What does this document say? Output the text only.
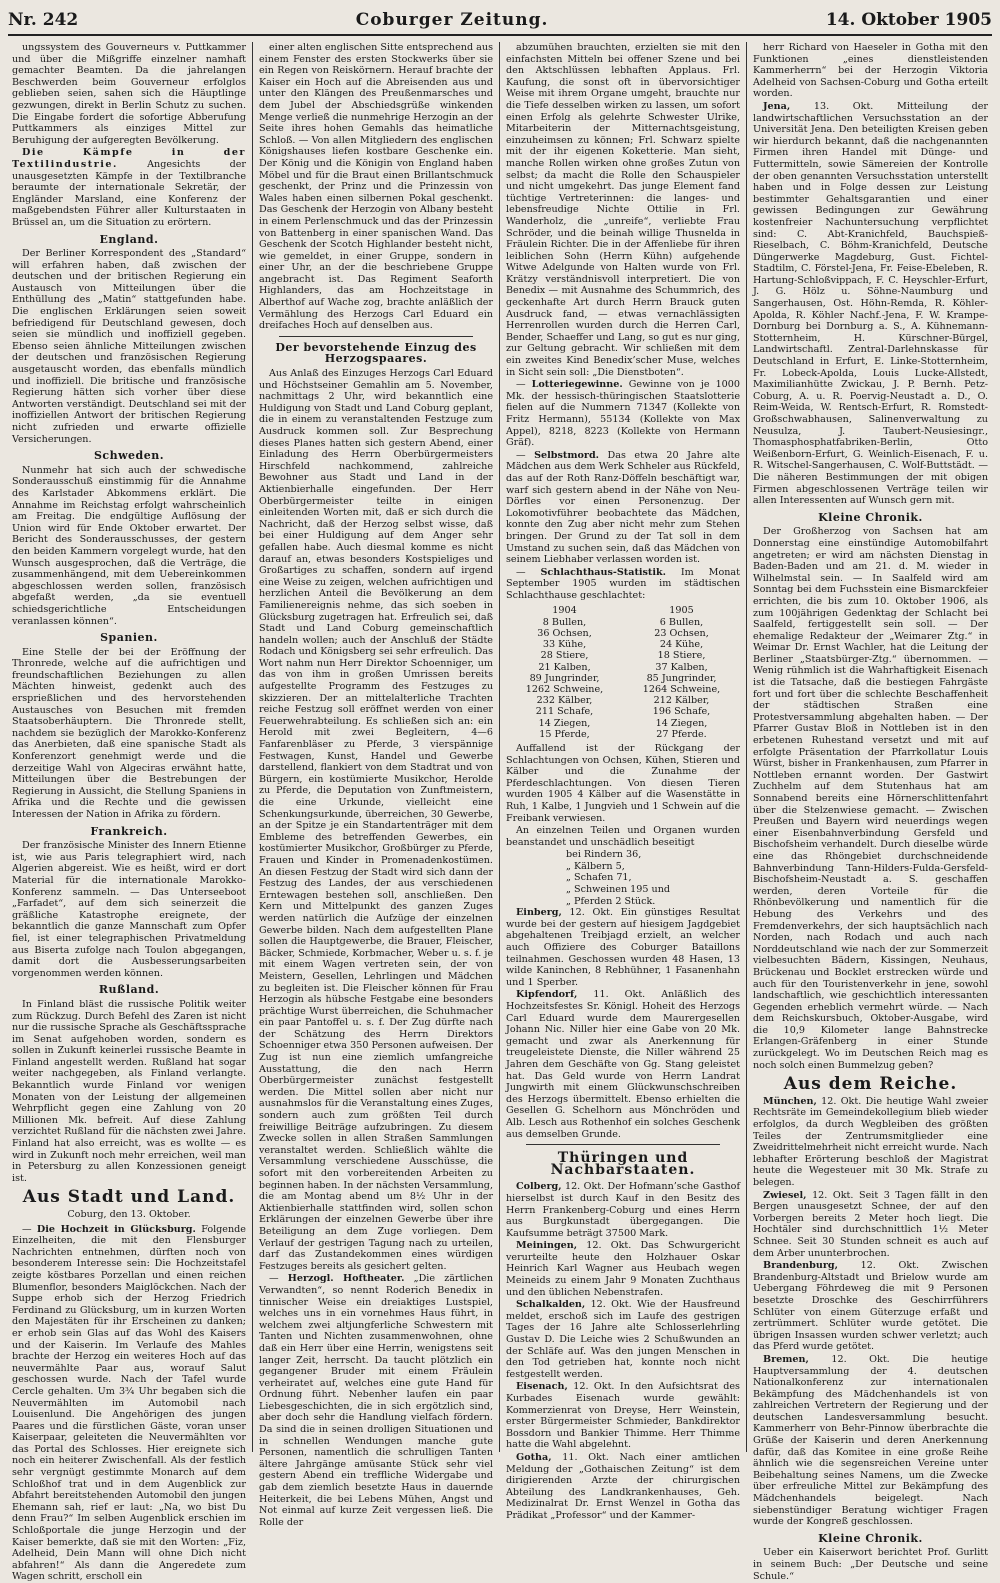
Nr. 242	Coburger Zeitung.	14. Oktober 1905

ungssystem des Gouverneurs v. Puttkammer und über die Mißgriffe einzelner namhaft gemachter Beamten. Da die jahrelangen Beschwerden beim Gouverneur erfolglos geblieben seien, sahen sich die Häuptlinge gezwungen, direkt in Berlin Schutz zu suchen. Die Eingabe fordert die sofortige Abberufung Puttkammers als einziges Mittel zur Beruhigung der aufgeregten Bevölkerung.

Die Kämpfe in der Textilindustrie.	Angesichts der unausgesetzten Kämpfe in der Textilbranche beraumte der internationale Sekretär, der Engländer Marsland, eine Konferenz der maßgebendsten Führer aller Kulturstaaten in Brüssel an, um die Situation zu erörtern.

England.

Der Berliner Korrespondent des „Standard“ will erfahren haben, daß zwischen der deutschen und der britischen Regierung ein Austausch von Mitteilungen über die Enthüllung des „Matin“ stattgefunden habe. Die englischen Erklärungen seien soweit befriedigend für Deutschland gewesen, doch seien sie mündlich und inoffiziell gegeben. Ebenso seien ähnliche Mitteilungen zwischen der deutschen und französischen Regierung ausgetauscht worden, das ebenfalls mündlich und inoffiziell. Die britische und französische Regierung hätten sich vorher über diese Antworten verständigt. Deutschland sei mit der inoffiziellen Antwort der britischen Regierung nicht zufrieden und erwarte offizielle Versicherungen.

Schweden.

Nunmehr hat sich auch der schwedische Sonderausschuß einstimmig für die Annahme des Karlstader Abkommens erklärt. Die Annahme im Reichstag erfolgt wahrscheinlich am Freitag. Die endgültige Auflösung der Union wird für Ende Oktober erwartet. Der Bericht des Sonderausschusses, der gestern den beiden Kammern vorgelegt wurde, hat den Wunsch ausgesprochen, daß die Verträge, die zusammenhängend, mit dem Uebereinkommen abgeschlossen werden sollen, französisch abgefaßt werden, „da sie eventuell schiedsgerichtliche Entscheidungen veranlassen können“.

Spanien.

Eine Stelle der bei der Eröffnung der Thronrede, welche auf die aufrichtigen und freundschaftlichen Beziehungen zu allen Mächten hinweist, gedenkt auch des ersprießlichen und des hervorstehenden Austausches von Besuchen mit fremden Staatsoberhäuptern. Die Thronrede stellt, nachdem sie bezüglich der Marokko-Konferenz das Anerbieten, daß eine spanische Stadt als Konferenzort genehmigt werde und die derzeitige Wahl von Algeciras erwähnt hatte, Mitteilungen über die Bestrebungen der Regierung in Aussicht, die Stellung Spaniens in Afrika und die Rechte und die gewissen Interessen der Nation in Afrika zu fördern.

Frankreich.

Der französische Minister des Innern Etienne ist, wie aus Paris telegraphiert wird, nach Algerien abgereist. Wie es heißt, wird er dort Material für die internationale Marokko-Konferenz sammeln. — Das Unterseeboot „Farfadet“, auf dem sich seinerzeit die gräßliche Katastrophe ereignete, der bekanntlich die ganze Mannschaft zum Opfer fiel, ist einer telegraphischen Privatmeldung aus Biserta zufolge nach Toulon abgegangen, damit dort die Ausbesserungsarbeiten vorgenommen werden können.

Rußland.

In Finland bläst die russische Politik weiter zum Rückzug. Durch Befehl des Zaren ist nicht nur die russische Sprache als Geschäftssprache im Senat aufgehoben worden, sondern es sollen in Zukunft keinerlei russische Beamte in Finland angestellt werden. Rußland hat sogar weiter nachgegeben, als Finland verlangte. Bekanntlich wurde Finland vor wenigen Monaten von der Leistung der allgemeinen Wehrpflicht gegen eine Zahlung von 20 Millionen Mk. befreit. Auf diese Zahlung verzichtet Rußland für die nächsten zwei Jahre. Finland hat also erreicht, was es wollte — es wird in Zukunft noch mehr erreichen, weil man in Petersburg zu allen Konzessionen geneigt ist.

Aus Stadt und Land.
Coburg, den 13. Oktober.

— Die Hochzeit in Glücksburg. Folgende Einzelheiten, die mit den Flensburger Nachrichten entnehmen, dürften noch von besonderem Interesse sein: Die Hochzeitstafel zeigte köstbares Porzellan und einen reichen Blumenflor, besonders Maiglöckchen. Nach der Suppe erhob sich der Herzog Friedrich Ferdinand zu Glücksburg, um in kurzen Worten den Majestäten für ihr Erscheinen zu danken; er erhob sein Glas auf das Wohl des Kaisers und der Kaiserin. Im Verlaufe des Mahles brachte der Herzog ein weiteres Hoch auf das neuvermählte Paar aus, worauf Salut geschossen wurde. Nach der Tafel wurde Cercle gehalten. Um 3¾ Uhr begaben sich die Neuvermählten im Automobil nach Louisenlund. Die Angehörigen des jungen Paares und die fürstlichen Gäste, voran unser Kaiserpaar, geleiteten die Neuvermählten vor das Portal des Schlosses. Hier ereignete sich noch ein heiterer Zwischenfall. Als der festlich sehr vergnügt gestimmte Monarch auf dem Schloßhof trat und in dem Augenblick zur Abfahrt bereitstehenden Automobil den jungen Ehemann sah, rief er laut: „Na, wo bist Du denn Frau?“ Im selben Augenblick erschien im Schloßportale die junge Herzogin und der Kaiser bemerkte, daß sie mit den Worten: „Fiz, Adelheid, Dein Mann will ohne Dich nicht abfahren!“ Als dann die Angeredete zum Wagen schritt, erscholl ein

einer alten englischen Sitte entsprechend aus einem Fenster des ersten Stockwerks über sie ein Regen von Reiskörnern. Herauf brachte der Kaiser ein Hoch auf die Abreisenden aus und unter den Klängen des Preußenmarsches und dem Jubel der Abschiedsgrüße winkenden Menge verließ die nunmehrige Herzogin an der Seite ihres hohen Gemahls das heimatliche Schloß. — Von allen Mitgliedern des englischen Königshauses liefen kostbare Geschenke ein. Der König und die Königin von England haben Möbel und für die Braut einen Brillantschmuck geschenkt, der Prinz und die Prinzessin von Wales haben einen silbernen Pokal geschenkt. Das Geschenk der Herzogin von Albany besteht in einem Perlenschmuck und das der Prinzessin von Battenberg in einer spanischen Wand. Das Geschenk der Scotch Highlander besteht nicht, wie gemeldet, in einer Gruppe, sondern in einer Uhr, an der die beschriebene Gruppe angebracht ist. Das Regiment Seaforth Highlanders, das am Hochzeitstage in Alberthof auf Wache zog, brachte anläßlich der Vermählung des Herzogs Carl Eduard ein dreifaches Hoch auf denselben aus.

Der bevorstehende Einzug des Herzogspaares.

Aus Anlaß des Einzuges Herzogs Carl Eduard und Höchstseiner Gemahlin am 5. November, nachmittags 2 Uhr, wird bekanntlich eine Huldigung von Stadt und Land Coburg geplant, die in einem zu veranstaltenden Festzuge zum Ausdruck kommen soll. Zur Besprechung dieses Planes hatten sich gestern Abend, einer Einladung des Herrn Oberbürgermeisters Hirschfeld nachkommend, zahlreiche Bewohner aus Stadt und Land in der Aktienbierhalle eingefunden. Der Herr Oberbürgermeister teilte in einigen einleitenden Worten mit, daß er sich durch die Nachricht, daß der Herzog selbst wisse, daß bei einer Huldigung auf dem Anger sehr gefallen habe. Auch diesmal komme es nicht darauf an, etwas besonders Kostspieliges und Großartiges zu schaffen, sondern auf irgend eine Weise zu zeigen, welchen aufrichtigen und herzlichen Anteil die Bevölkerung an dem Familienereignis nehme, das sich soeben in Glücksburg zugetragen hat. Erfreulich sei, daß Stadt und Land Coburg gemeinschaftlich handeln wollen; auch der Anschluß der Städte Rodach und Königsberg sei sehr erfreulich. Das Wort nahm nun Herr Direktor Schoenniger, um das von ihm in großen Umrissen bereits aufgestellte Programm des Festzuges zu skizzieren. Der an mittelalterliche Trachten reiche Festzug soll eröffnet werden von einer Feuerwehrabteilung. Es schließen sich an: ein Herold mit zwei Begleitern, 4—6 Fanfarenbläser zu Pferde, 3 vierspännige Festwagen, Kunst, Handel und Gewerbe darstellend, flankiert von dem Stadtrat und von Bürgern, ein kostümierte Musikchor, Herolde zu Pferde, die Deputation von Zunftmeistern, die eine Urkunde, vielleicht eine Schenkungsurkunde, überreichen, 30 Gewerbe, an der Spitze je ein Standartenträger mit dem Embleme des betreffenden Gewerbes, ein kostümierter Musikchor, Großbürger zu Pferde, Frauen und Kinder in Promenadenkostümen. An diesen Festzug der Stadt wird sich dann der Festzug des Landes, der aus verschiedenen Erntewagen bestehen soll, anschließen. Den Kern und Mittelpunkt des ganzen Zuges werden natürlich die Aufzüge der einzelnen Gewerbe bilden. Nach dem aufgestellten Plane sollen die Hauptgewerbe, die Brauer, Fleischer, Bäcker, Schmiede, Korbmacher, Weber u. s. f. je mit einem Wagen vertreten sein, der von Meistern, Gesellen, Lehrlingen und Mädchen zu begleiten ist. Die Fleischer können für Frau Herzogin als hübsche Festgabe eine besonders prächtige Wurst überreichen, die Schuhmacher ein paar Pantoffel u. s. f. Der Zug dürfte nach der Schätzung des Herrn Direktors Schoenniger etwa 350 Personen aufweisen. Der Zug ist nun eine ziemlich umfangreiche Ausstattung, die den nach Herrn Oberbürgermeister zunächst festgestellt werden. Die Mittel sollen aber nicht nur ausnahmslos für die Veranstaltung eines Zuges, sondern auch zum größten Teil durch freiwillige Beiträge aufzubringen. Zu diesem Zwecke sollen in allen Straßen Sammlungen veranstaltet werden. Schließlich wählte die Versammlung verschiedene Ausschüsse, die sofort mit den vorbereitenden Arbeiten zu beginnen haben. In der nächsten Versammlung, die am Montag abend um 8½ Uhr in der Aktienbierhalle stattfinden wird, sollen schon Erklärungen der einzelnen Gewerbe über ihre Beteiligung an dem Zuge vorliegen. Dem Verlauf der gestrigen Tagung nach zu urteilen, darf das Zustandekommen eines würdigen Festzuges bereits als gesichert gelten.

— Herzogl. Hoftheater. „Die zärtlichen Verwandten“, so nennt Roderich Benedix in tinnischer Weise ein dreiaktiges Lustspiel, welches uns in ein vornehmes Haus führt, in welchem zwei altjungferliche Schwestern mit Tanten und Nichten zusammenwohnen, ohne daß ein Herr über eine Herrin, wenigstens seit langer Zeit, herrscht. Da taucht plötzlich ein gegangener Bruder mit einem Fräulein verheiratet auf, welches eine gute Hand für Ordnung führt. Nebenher laufen ein paar Liebesgeschichten, die in sich ergötzlich sind, aber doch sehr die Handlung vielfach fördern. Da sind die in seinen drolligen Situationen und in schnellen Wendungen manche gute Personen, namentlich die schrulligen Tanten ältere Jahrgänge amüsante Stück sehr viel gestern Abend ein treffliche Widergabe und gab dem ziemlich besetzte Haus in dauernde Heiterkeit, die bei Lebens Mühen, Angst und Not einmal auf kurze Zeit vergessen ließ. Die Rolle der

abzumühen brauchten, erzielten sie mit den einfachsten Mitteln bei offener Szene und bei den Aktschlüssen lebhaften Applaus. Frl. Kaufung, die sonst oft in übervorsichtiger Weise mit ihrem Organe umgeht, brauchte nur die Tiefe desselben wirken zu lassen, um sofort einen Erfolg als gelehrte Schwester Ulrike, Mitarbeiterin der Mitternachtsgeistung, einzuheimsen zu können; Frl. Schwarz spielte mit der ihr eigenen Koketterie. Man sieht, manche Rollen wirken ohne großes Zutun von selbst; da macht die Rolle den Schauspieler und nicht umgekehrt. Das junge Element fand tüchtige Vertreterinnen: die langes- und lebensfreudige Nichte Ottilie in Frl. Wanderholz, die „unreife“, verliebte Frau Schröder, und die beinah willige Thusnelda in Fräulein Richter. Die in der Affenliebe für ihren leiblichen Sohn (Herrn Kühn) aufgehende Witwe Adelgunde von Halten wurde von Frl. Krätzy verständnisvoll interpretiert. Die von Benedix — mit Ausnahme des Schummrich, des geckenhafte Art durch Herrn Brauck guten Ausdruck fand, — etwas vernachlässigten Herrenrollen wurden durch die Herren Carl, Bender, Schaeffer und Lang, so gut es nur ging, zur Geltung gebracht. Wir schließen mit dem ein zweites Kind Benedix’scher Muse, welches in Sicht sein soll: „Die Dienstboten“.

— Lotteriegewinne. Gewinne von je 1000 Mk. der hessisch-thüringischen Staatslotterie fielen auf die Nummern 71347 (Kollekte von Fritz Hermann), 55134 (Kollekte von Max Appel), 8218, 8223 (Kollekte von Hermann Gräf).

— Selbstmord. Das etwa 20 Jahre alte Mädchen aus dem Werk Schheler aus Rückfeld, das auf der Roth Ranz-Döffeln beschäftigt war, warf sich gestern abend in der Nähe von Neu-Dörfles vor einen Personenzug. Der Lokomotivführer beobachtete das Mädchen, konnte den Zug aber nicht mehr zum Stehen bringen. Der Grund zu der Tat soll in dem Umstand zu suchen sein, daß das Mädchen von seinem Liebhaber verlassen worden ist.

— Schlachthaus-Statistik. Im Monat September 1905 wurden im städtischen Schlachthause geschlachtet:

1904	1905
8 Bullen,	6 Bullen,
36 Ochsen,	23 Ochsen,
33 Kühe,	24 Kühe,
28 Stiere,	18 Stiere,
21 Kalben,	37 Kalben,
89 Jungrinder,	85 Jungrinder,
1262 Schweine,	1264 Schweine,
232 Kälber,	212 Kälber,
211 Schafe,	196 Schafe,
14 Ziegen,	14 Ziegen,
15 Pferde,	27 Pferde.

Auffallend ist der Rückgang der Schlachtungen von Ochsen, Kühen, Stieren und Kälber und die Zunahme der Pferdeschlachtungen. Von diesen Tieren wurden 1905 4 Kälber auf die Wasenstätte in Ruh, 1 Kalbe, 1 Jungvieh und 1 Schwein auf die Freibank verwiesen.

An einzelnen Teilen und Organen wurden beanstandet und unschädlich beseitigt

bei Rindern 36,
„ Kälbern 5,
„ Schafen 71,
„ Schweinen 195 und
„ Pferden 2 Stück.

Einberg, 12. Okt. Ein günstiges Resultat wurde bei der gestern auf hiesigem Jagdgebiet abgehaltenen Treibjagd erzielt, an welcher auch Offiziere des Coburger Bataillons teilnahmen. Geschossen wurden 48 Hasen, 13 wilde Kaninchen, 8 Rebhühner, 1 Fasanenhahn und 1 Sperber.

Kipfendorf, 11. Okt. Anläßlich des Hochzeitsfestes Sr. Königl. Hoheit des Herzogs Carl Eduard wurde dem Maurergesellen Johann Nic. Niller hier eine Gabe von 20 Mk. gemacht und zwar als Anerkennung für treugeleistete Dienste, die Niller während 25 Jahren dem Geschäfte von Gg. Stang geleistet hat. Das Geld wurde von Herrn Landrat Jungwirth mit einem Glückwunschschreiben des Herzogs übermittelt. Ebenso erhielten die Gesellen G. Schelhorn aus Mönchröden und Alb. Lesch aus Rothenhof ein solches Geschenk aus demselben Grunde.

Thüringen und Nachbarstaaten.

Colberg, 12. Okt. Der Hofmann’sche Gasthof hierselbst ist durch Kauf in den Besitz des Herrn Frankenberg-Coburg und eines Herrn aus Burgkunstadt übergegangen. Die Kaufsumme beträgt 37500 Mark.

Meiningen, 12. Okt. Das Schwurgericht verurteilte heute den Holzhauer Oskar Heinrich Karl Wagner aus Heubach wegen Meineids zu einem Jahr 9 Monaten Zuchthaus und den üblichen Nebenstrafen.

Schalkalden, 12. Okt. Wie der Hausfreund meldet, erschoß sich im Laufe des gestrigen Tages der 16 Jahre alte Schlosserlehrling Gustav D. Die Leiche wies 2 Schußwunden an der Schläfe auf. Was den jungen Menschen in den Tod getrieben hat, konnte noch nicht festgestellt werden.

Eisenach, 12. Okt. In den Aufsichtsrat des Kurbades Eisenach wurde gewählt: Kommerzienrat von Dreyse, Herr Weinstein, erster Bürgermeister Schmieder, Bankdirektor Bossdorn und Bankier Thimme. Herr Thimme hatte die Wahl abgelehnt.

Gotha, 11. Okt. Nach einer amtlichen Meldung der „Gothaischen Zeitung“ ist dem dirigierenden Arzte der chirurgischen Abteilung des Landkrankenhauses, Geh. Medizinalrat Dr. Ernst Wenzel in Gotha das Prädikat „Professor“ und der Kammer-

herr Richard von Haeseler in Gotha mit den Funktionen „eines dienstleistenden Kammerherrn“ bei der Herzogin Viktoria Adelheid von Sachsen-Coburg und Gotha erteilt worden.

Jena, 13. Okt. Mitteilung der landwirtschaftlichen Versuchsstation an der Universität Jena. Den beteiligten Kreisen geben wir hierdurch bekannt, daß die nachgenannten Firmen ihren Handel mit Dünge- und Futtermitteln, sowie Sämereien der Kontrolle der oben genannten Versuchsstation unterstellt haben und in Folge dessen zur Leistung bestimmter Gehaltsgarantien und einer gewissen Bedingungen zur Gewährung kostenfreier Nachuntersuchung verpflichtet sind: C. Abt-Kranichfeld, Bauchspieß-Rieselbach, C. Böhm-Kranichfeld, Deutsche Düngerwerke Magdeburg, Gust. Fichtel-Stadtilm, C. Förstel-Jena, Fr. Feise-Ebeleben, R. Hartung-Schloßvippach, F. C. Heyschler-Erfurt, J. G. Hölz u. Söhne-Naumburg und Sangerhausen, Ost. Höhn-Remda, R. Köhler-Apolda, R. Köhler Nachf.-Jena, F. W. Krampe-Dornburg bei Dornburg a. S., A. Kühnemann-Stotternheim, H. Kürschner-Bürgel, Landwirtschaftl. Zentral-Darlehnskasse für Deutschland in Erfurt, E. Linke-Stotternheim, Fr. Lobeck-Apolda, Louis Lucke-Allstedt, Maximilianhütte Zwickau, J. P. Bernh. Petz-Coburg, A. u. R. Poervig-Neustadt a. D., O. Reim-Weida, W. Rentsch-Erfurt, R. Romstedt-Großschwabhausen, Salinenverwaltung zu Neusulza, J. Taubert-Neusiesingr., Thomasphosphatfabriken-Berlin, Otto Weißenborn-Erfurt, G. Weinlich-Eisenach, F. u. R. Witschel-Sangerhausen, C. Wolf-Buttstädt. — Die näheren Bestimmungen der mit obigen Firmen abgeschlossenen Verträge teilen wir allen Interessenten auf Wunsch gern mit.

Kleine Chronik.

Der Großherzog von Sachsen hat am Donnerstag eine einstündige Automobilfahrt angetreten; er wird am nächsten Dienstag in Baden-Baden und am 21. d. M. wieder in Wilhelmstal sein. — In Saalfeld wird am Sonntag bei dem Fuchsstein eine Bismarckfeier errichten, die bis zum 10. Oktober 1906, als zum 100jährigen Gedenktag der Schlacht bei Saalfeld, fertiggestellt sein soll. — Der ehemalige Redakteur der „Weimarer Ztg.“ in Weimar Dr. Ernst Wachler, hat die Leitung der Berliner „Staatsbürger-Ztg.“ übernommen. — Wenig rühmlich ist die Wahrhaftigkeit Eisenach ist die Tatsache, daß die bestiegen Fahrgäste fort und fort über die schlechte Beschaffenheit der städtischen Straßen eine Protestversammlung abgehalten haben. — Der Pfarrer Gustav Bloß in Nottleben ist in den erbetenen Ruhestand versetzt und mit auf erfolgte Präsentation der Pfarrkollatur Louis Würst, bisher in Frankenhausen, zum Pfarrer in Nottleben ernannt worden. Der Gastwirt Zuchhelm auf dem Stutenhaus hat am Sonnabend bereits eine Hörnerschlittenfahrt über die Stelzenwiese gemacht. — Zwischen Preußen und Bayern wird neuerdings wegen einer Eisenbahnverbindung Gersfeld und Bischofsheim verhandelt. Durch dieselbe würde eine das Rhöngebiet durchschneidende Bahnverbindung Tann-Hilders-Fulda-Gersfeld-Bischofsheim-Neustadt a. S. geschaffen werden, deren Vorteile für die Rhönbevölkerung und namentlich für die Hebung des Verkehrs und des Fremdenverkehrs, der sich hauptsächlich nach Norden, nach Rodach und auch nach Norddeutschland wie nach der zur Sommerzeit vielbesuchten Bädern, Kissingen, Neuhaus, Brückenau und Bocklet erstrecken würde und auch für den Touristenverkehr in jene, sowohl landschaftlich, wie geschichtlich interessanten Gegenden erheblich vermehrt würde. — Nach dem Reichskursbuch, Oktober-Ausgabe, wird die 10,9 Kilometer lange Bahnstrecke Erlangen-Gräfenberg in einer Stunde zurückgelegt. Wo im Deutschen Reich mag es noch solch einen Bummelzug geben?

Aus dem Reiche.

München, 12. Okt. Die heutige Wahl zweier Rechtsräte im Gemeindekollegium blieb wieder erfolglos, da durch Wegbleiben des größten Teiles der Zentrumsmitglieder eine Zweidrittelmehrheit nicht erreicht wurde. Nach lebhafter Erörterung beschloß der Magistrat heute die Wegesteuer mit 30 Mk. Strafe zu belegen.

Zwiesel, 12. Okt. Seit 3 Tagen fällt in den Bergen unausgesetzt Schnee, der auf den Vorbergen bereits 2 Meter hoch liegt. Die Hochtäler sind durchschnittlich 1½ Meter Schnee. Seit 30 Stunden schneit es auch auf dem Arber ununterbrochen.

Brandenburg, 12. Okt. Zwischen Brandenburg-Altstadt und Brielow wurde am Uebergang Föhrdeweg die mit 9 Personen besetzte Droschke des Geschirrführers Schlüter von einem Güterzuge erfaßt und zertrümmert. Schlüter wurde getötet. Die übrigen Insassen wurden schwer verletzt; auch das Pferd wurde getötet.

Bremen, 12. Okt. Die heutige Hauptversammlung der 4. deutschen Nationalkonferenz zur internationalen Bekämpfung des Mädchenhandels ist von zahlreichen Vertretern der Regierung und der deutschen Landesversammlung besucht. Kammerherr von Behr-Pinnow überbrachte die Grüße der Kaiserin und deren Anerkennung dafür, daß das Komitee in eine große Reihe ähnlich wie die segensreichen Vereine unter Beibehaltung seines Namens, um die Zwecke über erfreuliche Mittel zur Bekämpfung des Mädchenhandels beigelegt. Nach siebenstündiger Beratung wichtiger Fragen wurde der Kongreß geschlossen.

Kleine Chronik.

Ueber ein Kaiserwort berichtet Prof. Gurlitt in seinem Buch: „Der Deutsche und seine Schule.“
